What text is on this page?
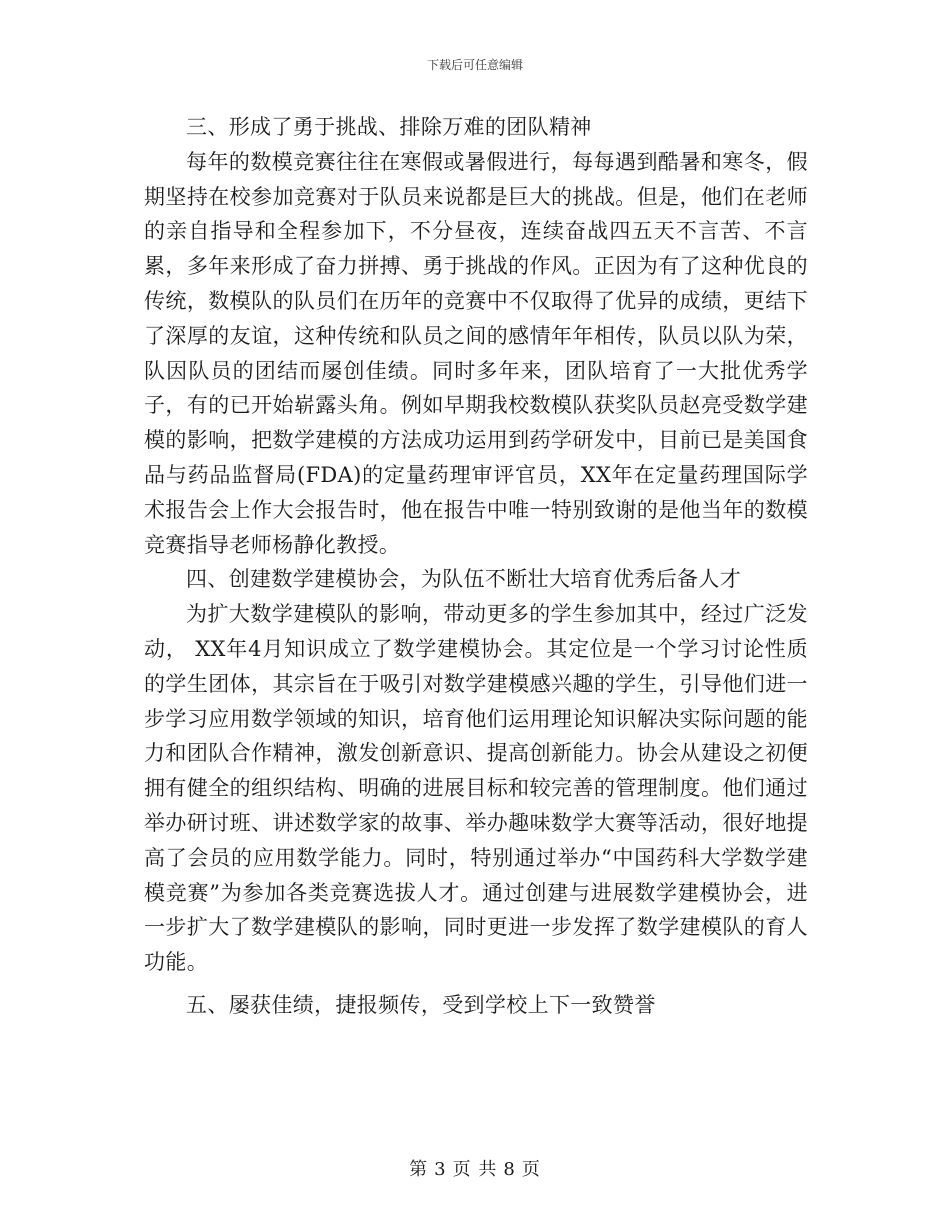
下载后可任意编辑

三、形成了勇于挑战、排除万难的团队精神

每年的数模竞赛往往在寒假或暑假进行，每每遇到酷暑和寒冬，假期坚持在校参加竞赛对于队员来说都是巨大的挑战。但是，他们在老师的亲自指导和全程参加下，不分昼夜，连续奋战四五天不言苦、不言累，多年来形成了奋力拼搏、勇于挑战的作风。正因为有了这种优良的传统，数模队的队员们在历年的竞赛中不仅取得了优异的成绩，更结下了深厚的友谊，这种传统和队员之间的感情年年相传，队员以队为荣，队因队员的团结而屡创佳绩。同时多年来，团队培育了一大批优秀学子，有的已开始崭露头角。例如早期我校数模队获奖队员赵亮受数学建模的影响，把数学建模的方法成功运用到药学研发中，目前已是美国食品与药品监督局(FDA)的定量药理审评官员，XX年在定量药理国际学术报告会上作大会报告时，他在报告中唯一特别致谢的是他当年的数模竞赛指导老师杨静化教授。

四、创建数学建模协会，为队伍不断壮大培育优秀后备人才

为扩大数学建模队的影响，带动更多的学生参加其中，经过广泛发动， XX年4月知识成立了数学建模协会。其定位是一个学习讨论性质的学生团体，其宗旨在于吸引对数学建模感兴趣的学生，引导他们进一步学习应用数学领域的知识，培育他们运用理论知识解决实际问题的能力和团队合作精神，激发创新意识、提高创新能力。协会从建设之初便拥有健全的组织结构、明确的进展目标和较完善的管理制度。他们通过举办研讨班、讲述数学家的故事、举办趣味数学大赛等活动，很好地提高了会员的应用数学能力。同时，特别通过举办“中国药科大学数学建模竞赛”为参加各类竞赛选拔人才。通过创建与进展数学建模协会，进一步扩大了数学建模队的影响，同时更进一步发挥了数学建模队的育人功能。

五、屡获佳绩，捷报频传，受到学校上下一致赞誉

第 3 页 共 8 页
